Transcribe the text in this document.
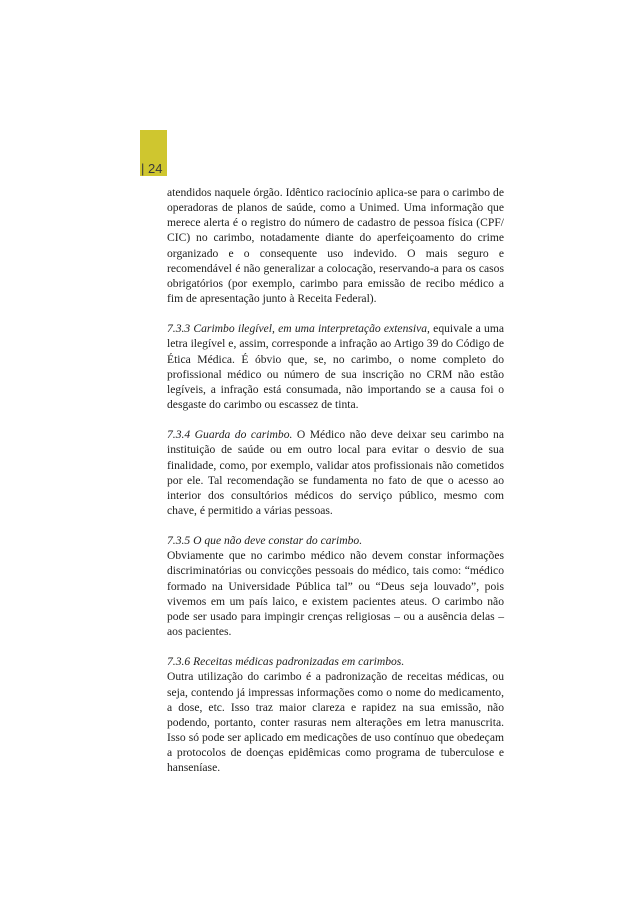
| 24

atendidos naquele órgão. Idêntico raciocínio aplica-se para o carimbo de operadoras de planos de saúde, como a Unimed. Uma informação que merece alerta é o registro do número de cadastro de pessoa física (CPF/ CIC) no carimbo, notadamente diante do aperfeiçoamento do crime organizado e o consequente uso indevido. O mais seguro e recomendável é não generalizar a colocação, reservando-a para os casos obrigatórios (por exemplo, carimbo para emissão de recibo médico a fim de apresentação junto à Receita Federal).

7.3.3 Carimbo ilegível, em uma interpretação extensiva, equivale a uma letra ilegível e, assim, corresponde a infração ao Artigo 39 do Código de Ética Médica. É óbvio que, se, no carimbo, o nome completo do profissional médico ou número de sua inscrição no CRM não estão legíveis, a infração está consumada, não importando se a causa foi o desgaste do carimbo ou escassez de tinta.

7.3.4 Guarda do carimbo. O Médico não deve deixar seu carimbo na instituição de saúde ou em outro local para evitar o desvio de sua finalidade, como, por exemplo, validar atos profissionais não cometidos por ele. Tal recomendação se fundamenta no fato de que o acesso ao interior dos consultórios médicos do serviço público, mesmo com chave, é permitido a várias pessoas.

7.3.5 O que não deve constar do carimbo.
Obviamente que no carimbo médico não devem constar informações discriminatórias ou convicções pessoais do médico, tais como: “médico formado na Universidade Pública tal” ou “Deus seja louvado”, pois vivemos em um país laico, e existem pacientes ateus. O carimbo não pode ser usado para impingir crenças religiosas – ou a ausência delas – aos pacientes.

7.3.6 Receitas médicas padronizadas em carimbos.
Outra utilização do carimbo é a padronização de receitas médicas, ou seja, contendo já impressas informações como o nome do medicamento, a dose, etc. Isso traz maior clareza e rapidez na sua emissão, não podendo, portanto, conter rasuras nem alterações em letra manuscrita. Isso só pode ser aplicado em medicações de uso contínuo que obedeçam a protocolos de doenças epidêmicas como programa de tuberculose e hanseníase.
